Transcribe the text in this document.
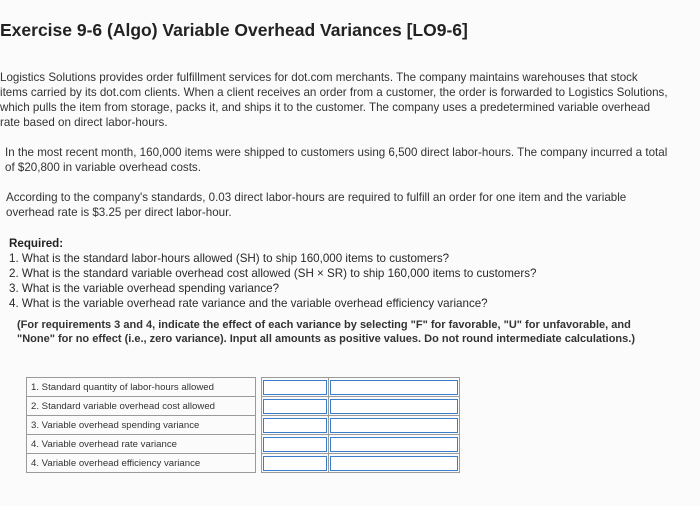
Exercise 9-6 (Algo) Variable Overhead Variances [LO9-6]

Logistics Solutions provides order fulfillment services for dot.com merchants. The company maintains warehouses that stock items carried by its dot.com clients. When a client receives an order from a customer, the order is forwarded to Logistics Solutions, which pulls the item from storage, packs it, and ships it to the customer. The company uses a predetermined variable overhead rate based on direct labor-hours.

In the most recent month, 160,000 items were shipped to customers using 6,500 direct labor-hours. The company incurred a total of $20,800 in variable overhead costs.

According to the company's standards, 0.03 direct labor-hours are required to fulfill an order for one item and the variable overhead rate is $3.25 per direct labor-hour.

Required:
1. What is the standard labor-hours allowed (SH) to ship 160,000 items to customers?
2. What is the standard variable overhead cost allowed (SH × SR) to ship 160,000 items to customers?
3. What is the variable overhead spending variance?
4. What is the variable overhead rate variance and the variable overhead efficiency variance?
(For requirements 3 and 4, indicate the effect of each variance by selecting "F" for favorable, "U" for unfavorable, and "None" for no effect (i.e., zero variance). Input all amounts as positive values. Do not round intermediate calculations.)
1. Standard quantity of labor-hours allowed		

2. Standard variable overhead cost allowed		

3. Variable overhead spending variance		

4. Variable overhead rate variance		

4. Variable overhead efficiency variance		
